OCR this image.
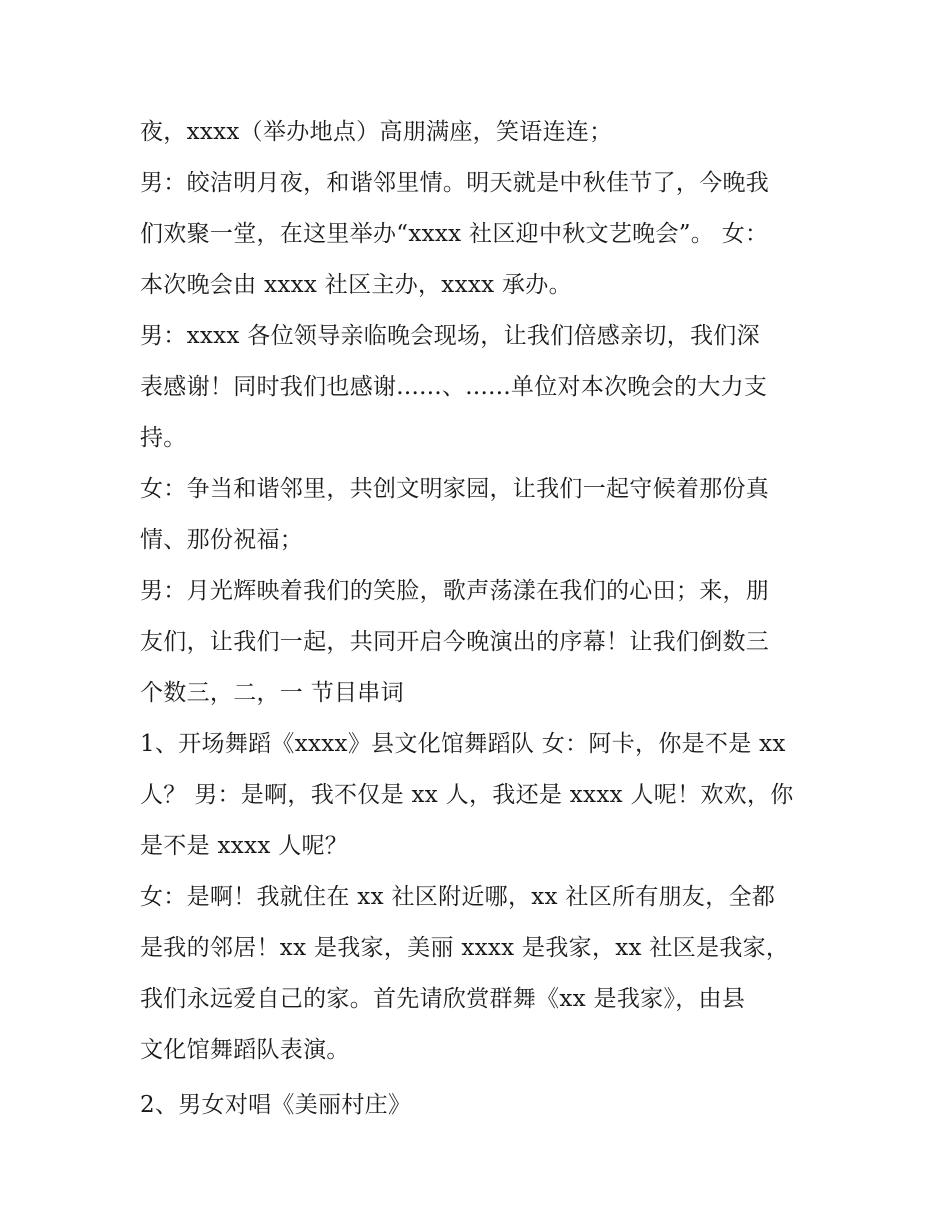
夜，xxxx（举办地点）高朋满座，笑语连连；
男：皎洁明月夜，和谐邻里情。明天就是中秋佳节了，今晚我
们欢聚一堂，在这里举办“xxxx 社区迎中秋文艺晚会”。 女：
本次晚会由 xxxx 社区主办，xxxx 承办。
男：xxxx 各位领导亲临晚会现场，让我们倍感亲切，我们深
表感谢！同时我们也感谢......、......单位对本次晚会的大力支
持。
女：争当和谐邻里，共创文明家园，让我们一起守候着那份真
情、那份祝福；
男：月光辉映着我们的笑脸，歌声荡漾在我们的心田；来，朋
友们，让我们一起，共同开启今晚演出的序幕！让我们倒数三
个数三，二，一 节目串词
1、开场舞蹈《xxxx》县文化馆舞蹈队 女：阿卡，你是不是 xx
人？ 男：是啊，我不仅是 xx 人，我还是 xxxx 人呢！欢欢，你
是不是 xxxx 人呢？
女：是啊！我就住在 xx 社区附近哪，xx 社区所有朋友，全都
是我的邻居！xx 是我家，美丽 xxxx 是我家，xx 社区是我家，
我们永远爱自己的家。首先请欣赏群舞《xx 是我家》，由县
文化馆舞蹈队表演。
2、男女对唱《美丽村庄》
